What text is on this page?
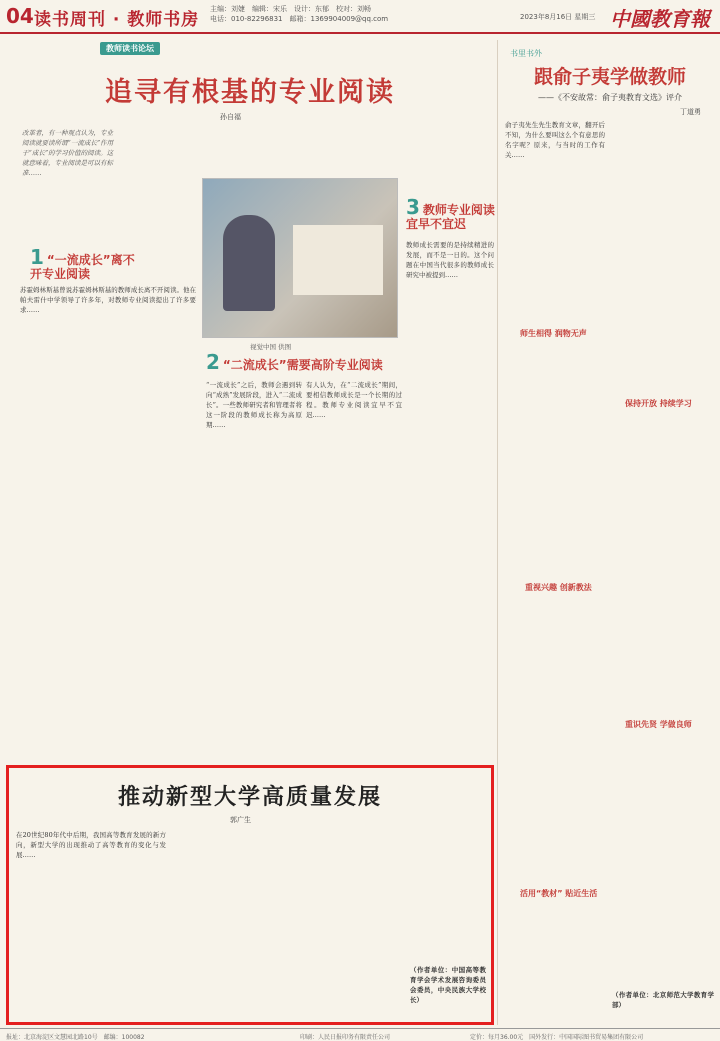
04 读书周刊 · 教师书房
主编：刘婕　编辑：宋乐　设计：东郁　校对：刘畅
电话：010-82296831　邮箱：1369904009@qq.com	2023年8月16日 星期三 中國教育報
教师读书论坛
追寻有根基的专业阅读
孙自福
改革者，有一种观点认为，专业阅读就要读所谓“一流成长”作用于“成长”的学习价值的阅读。这就意味着，专业阅读是可以有标准……
1 “一流成长”离不开专业阅读
苏霍姆林斯基曾说苏霍姆林斯基的教师成长离不开阅读。他在帕夫雷什中学领导了许多年，对教师专业阅读提出了许多要求……
视觉中国 供图
3 教师专业阅读宜早不宜迟
教师成长需要的是持续精进的发展，而不是一日的。这个问题在中国当代很多的教师成长研究中被提到……
2 “二流成长”需要高阶专业阅读
“一流成长”之后，教师会遇到转向“成熟”发展阶段，进入“二流成长”。一些教师研究者和管理者将这一阶段的教师成长称为高原期……
有人认为，在“二流成长”期间，要相信教师成长是一个长期的过程。教师专业阅读宜早不宜迟……
推动新型大学高质量发展
郭广生
在20世纪80年代中后期，我国高等教育发展的新方向，新型大学的出现推动了高等教育的变化与发展……
（作者单位：中国高等教育学会学术发展咨询委员会委员，中央民族大学校长）
书里书外
跟俞子夷学做教师
——《不安故常：俞子夷教育文选》评介
丁道勇
俞子夷先生先生教育文章，翻开后不知，为什么要叫这么个有意思的名字呢？原来，与当时的工作有关……
师生相得 润物无声
重视兴趣 创新教法
保持开放 持续学习
重识先贤 学做良师
活用“教材” 贴近生活
（作者单位：北京师范大学教育学部）
报址：北京海淀区文慧园北路10号　邮编：100082	印刷：人民日报印务有限责任公司	定价：每月36.00元　国外发行：中国国际图书贸易集团有限公司
